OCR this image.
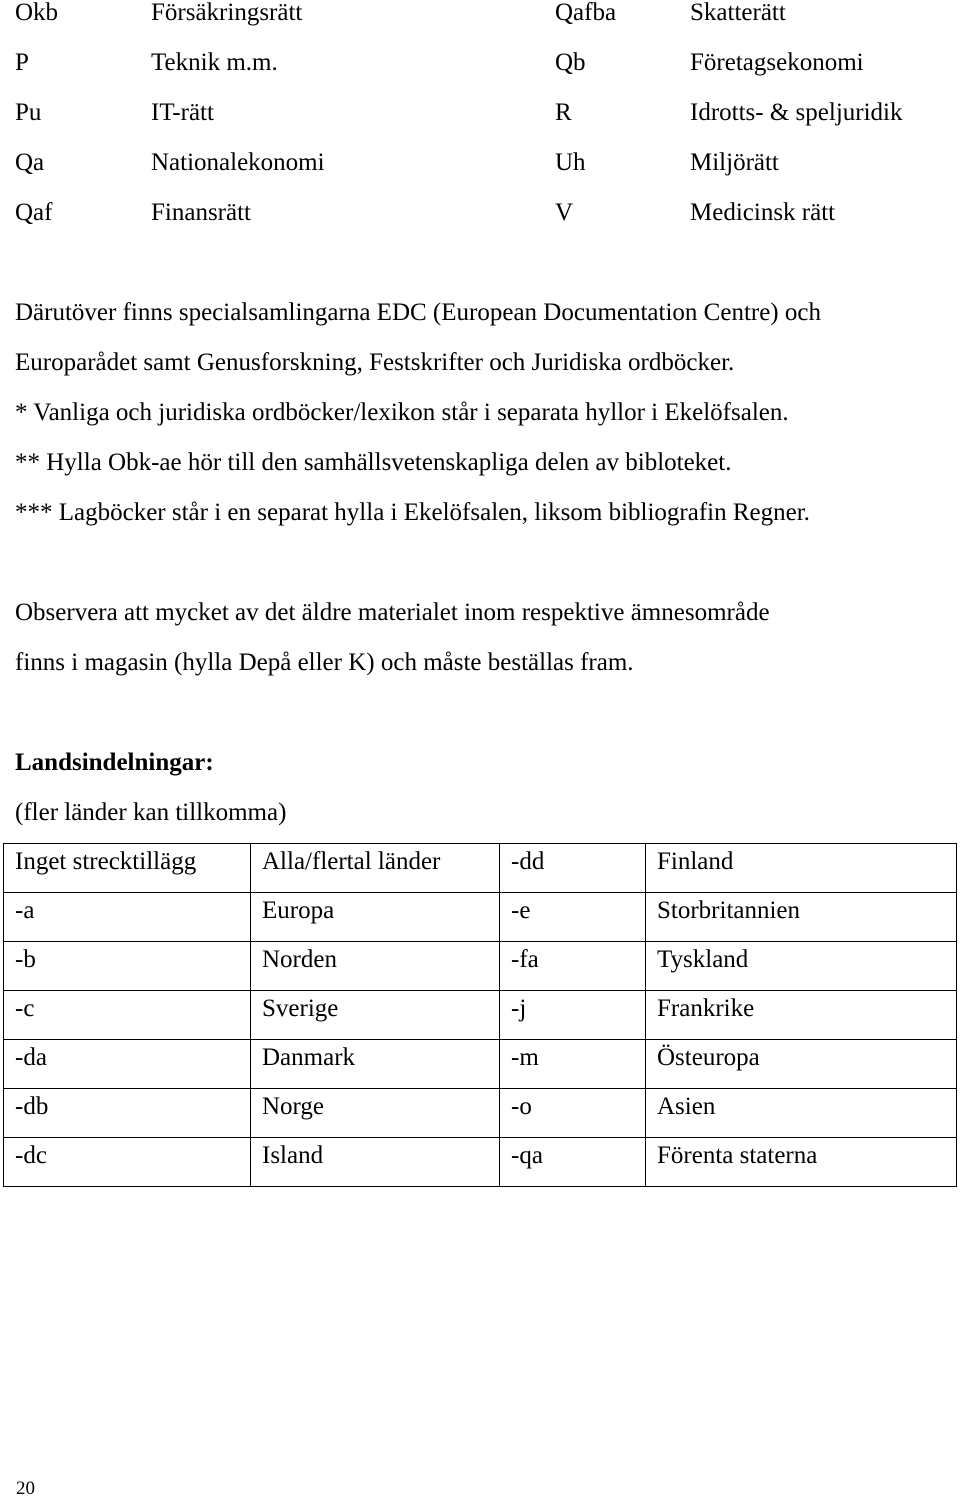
Okb	Försäkringsrätt	Qafba	Skatterätt
P	Teknik m.m.	Qb	Företagsekonomi
Pu	IT-rätt	R	Idrotts- & speljuridik
Qa	Nationalekonomi	Uh	Miljörätt
Qaf	Finansrätt	V	Medicinsk rätt
Därutöver finns specialsamlingarna EDC (European Documentation Centre) och
Europarådet samt Genusforskning, Festskrifter och Juridiska ordböcker.
* Vanliga och juridiska ordböcker/lexikon står i separata hyllor i Ekelöfsalen.
** Hylla Obk-ae hör till den samhällsvetenskapliga delen av bibloteket.
*** Lagböcker står i en separat hylla i Ekelöfsalen, liksom bibliografin Regner.
Observera att mycket av det äldre materialet inom respektive ämnesområde
finns i magasin (hylla Depå eller K) och måste beställas fram.
Landsindelningar:
(fler länder kan tillkomma)
Inget strecktillägg	Alla/flertal länder	-dd	Finland
-a	Europa	-e	Storbritannien
-b	Norden	-fa	Tyskland
-c	Sverige	-j	Frankrike
-da	Danmark	-m	Östeuropa
-db	Norge	-o	Asien
-dc	Island	-qa	Förenta staterna
20
